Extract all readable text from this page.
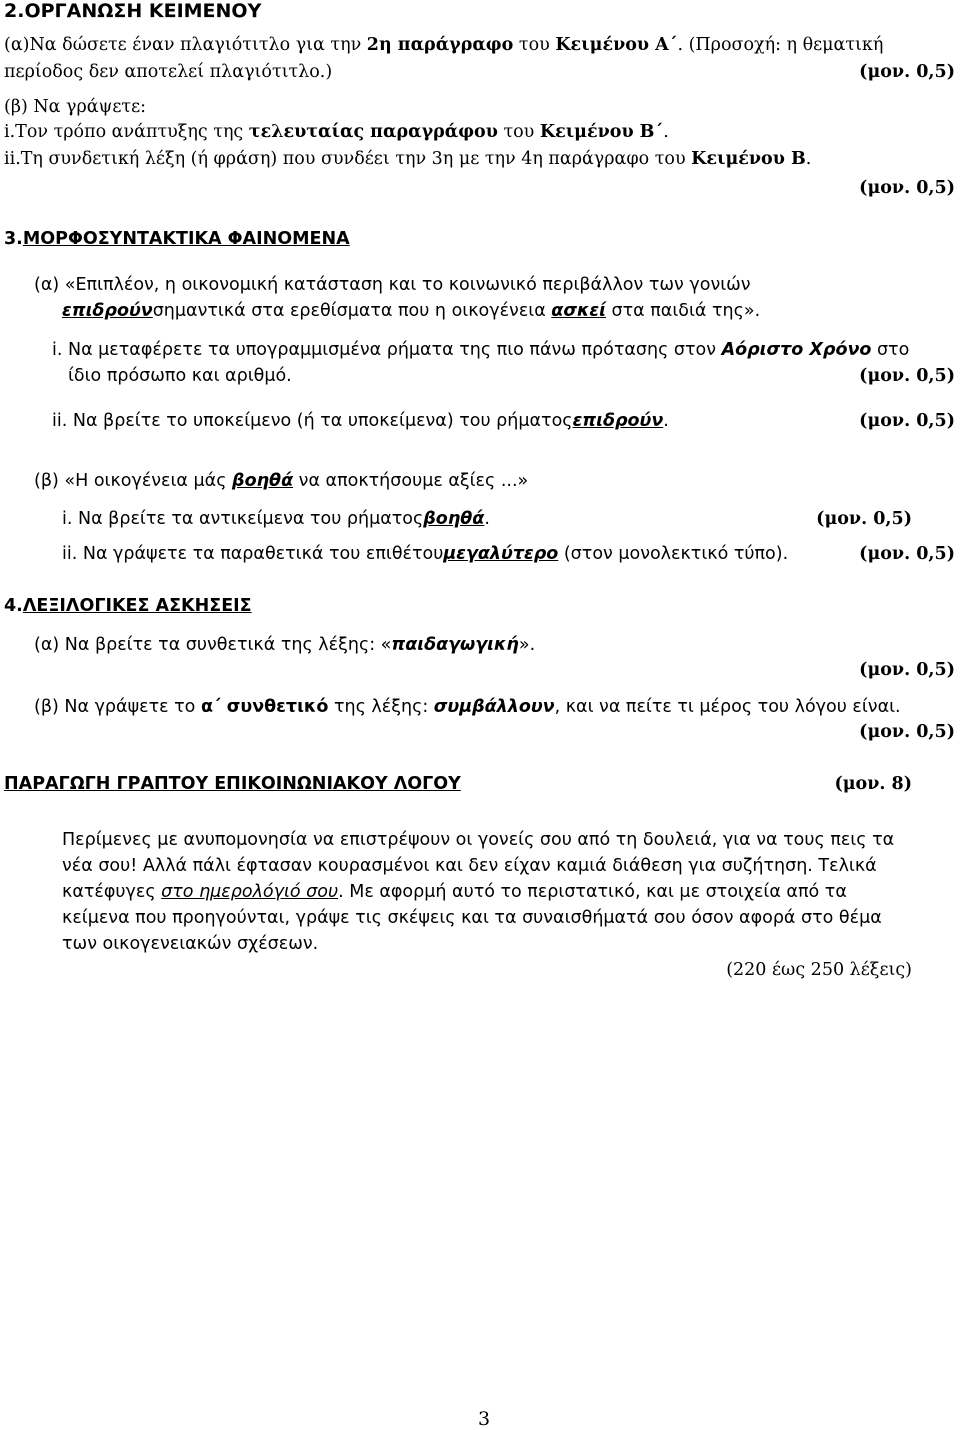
2.ΟΡΓΑΝΩΣΗ ΚΕΙΜΕΝΟΥ
(α)Να δώσετε έναν πλαγιότιτλο για την 2η παράγραφο του Κειμένου Α΄. (Προσοχή: η θεματική
περίοδος δεν αποτελεί πλαγιότιτλο.)	(μον. 0,5)
(β) Να γράψετε:
i.Τον τρόπο ανάπτυξης της τελευταίας παραγράφου του Κειμένου Β΄.
ii.Τη συνδετική λέξη (ή φράση) που συνδέει την 3η με την 4η παράγραφο του Κειμένου Β.
(μον. 0,5)
3.ΜΟΡΦΟΣΥΝΤΑΚΤΙΚΑ ΦΑΙΝΟΜΕΝΑ
(α) «Επιπλέον, η οικονομική κατάσταση και το κοινωνικό περιβάλλον των γονιών
επιδρούνσημαντικά στα ερεθίσματα που η οικογένεια ασκεί στα παιδιά της».
i. Να μεταφέρετε τα υπογραμμισμένα ρήματα της πιο πάνω πρότασης στον Αόριστο Χρόνο στο
ίδιο πρόσωπο και αριθμό.	(μον. 0,5)
ii. Να βρείτε το υποκείμενο (ή τα υποκείμενα) του ρήματοςεπιδρούν.	(μον. 0,5)
(β) «Η οικογένεια μάς βοηθά να αποκτήσουμε αξίες ...»
i. Να βρείτε τα αντικείμενα του ρήματοςβοηθά.	(μον. 0,5)
ii. Να γράψετε τα παραθετικά του επιθέτουμεγαλύτερο (στον μονολεκτικό τύπο).	(μον. 0,5)
4.ΛΕΞΙΛΟΓΙΚΕΣ ΑΣΚΗΣΕΙΣ
(α) Να βρείτε τα συνθετικά της λέξης: «παιδαγωγική».
(μον. 0,5)
(β) Να γράψετε το α΄ συνθετικό της λέξης: συμβάλλουν, και να πείτε τι μέρος του λόγου είναι.
(μον. 0,5)
ΠΑΡΑΓΩΓΗ ΓΡΑΠΤΟΥ ΕΠΙΚΟΙΝΩΝΙΑΚΟΥ ΛΟΓΟΥ	(μον. 8)
Περίμενες με ανυπομονησία να επιστρέψουν οι γονείς σου από τη δουλειά, για να τους πεις τα
νέα σου! Αλλά πάλι έφτασαν κουρασμένοι και δεν είχαν καμιά διάθεση για συζήτηση. Τελικά
κατέφυγες στο ημερολόγιό σου. Με αφορμή αυτό το περιστατικό, και με στοιχεία από τα
κείμενα που προηγούνται, γράψε τις σκέψεις και τα συναισθήματά σου όσον αφορά στο θέμα
των οικογενειακών σχέσεων.
(220 έως 250 λέξεις)
3
